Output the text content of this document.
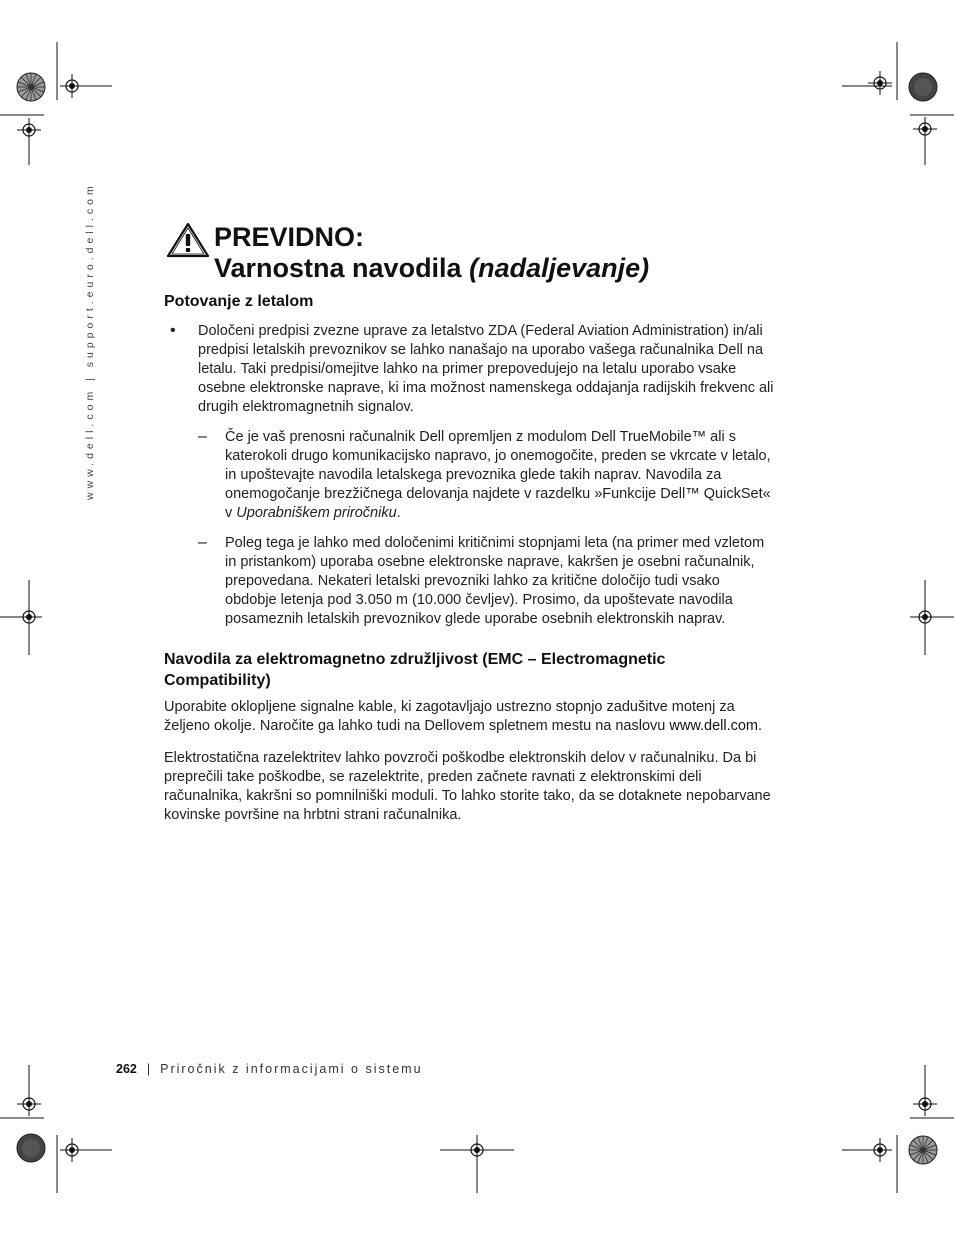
www.dell.com | support.euro.dell.com	PREVIDNO:
Varnostna navodila (nadaljevanje)
Potovanje z letalom
• Določeni predpisi zvezne uprave za letalstvo ZDA (Federal Aviation Administration) in/ali predpisi letalskih prevoznikov se lahko nanašajo na uporabo vašega računalnika Dell na letalu. Taki predpisi/omejitve lahko na primer prepovedujejo na letalu uporabo vsake osebne elektronske naprave, ki ima možnost namenskega oddajanja radijskih frekvenc ali drugih elektromagnetnih signalov.

– Če je vaš prenosni računalnik Dell opremljen z modulom Dell TrueMobile™ ali s katerokoli drugo komunikacijsko napravo, jo onemogočite, preden se vkrcate v letalo, in upoštevajte navodila letalskega prevoznika glede takih naprav. Navodila za onemogočanje brezžičnega delovanja najdete v razdelku »Funkcije Dell™ QuickSet« v Uporabniškem priročniku.

– Poleg tega je lahko med določenimi kritičnimi stopnjami leta (na primer med vzletom in pristankom) uporaba osebne elektronske naprave, kakršen je osebni računalnik, prepovedana. Nekateri letalski prevozniki lahko za kritične določijo tudi vsako obdobje letenja pod 3.050 m (10.000 čevljev). Prosimo, da upoštevate navodila posameznih letalskih prevoznikov glede uporabe osebnih elektronskih naprav.

Navodila za elektromagnetno združljivost (EMC – Electromagnetic Compatibility)

Uporabite oklopljene signalne kable, ki zagotavljajo ustrezno stopnjo zadušitve motenj za željeno okolje. Naročite ga lahko tudi na Dellovem spletnem mestu na naslovu www.dell.com.

Elektrostatična razelektritev lahko povzroči poškodbe elektronskih delov v računalniku. Da bi preprečili take poškodbe, se razelektrite, preden začnete ravnati z elektronskimi deli računalnika, kakršni so pomnilniški moduli. To lahko storite tako, da se dotaknete nepobarvane kovinske površine na hrbtni strani računalnika.

262 | Priročnik z informacijami o sistemu
